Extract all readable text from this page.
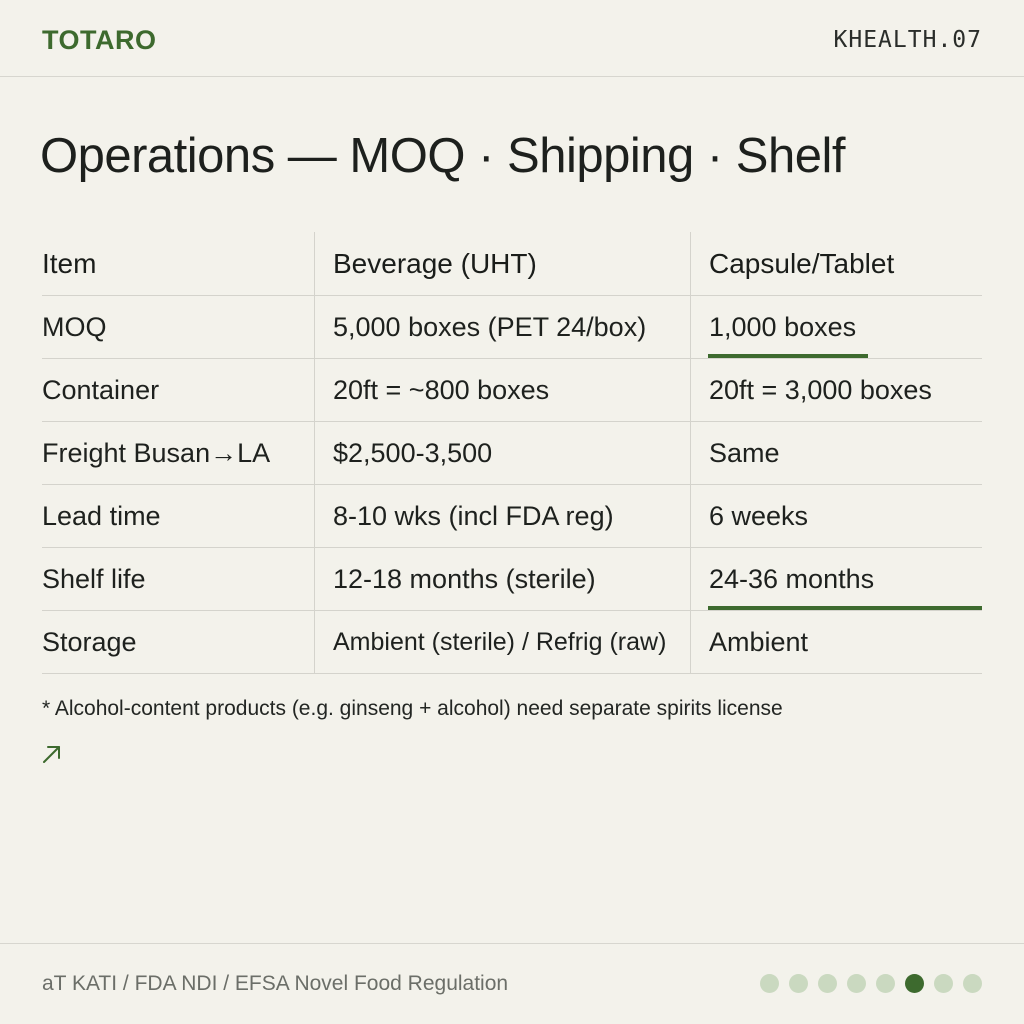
TOTARO	KHEALTH.07
Operations — MOQ · Shipping · Shelf
Item	Beverage (UHT)	Capsule/Tablet
MOQ	5,000 boxes (PET 24/box)	1,000 boxes
Container	20ft = ~800 boxes	20ft = 3,000 boxes
Freight Busan→LA	$2,500-3,500	Same
Lead time	8-10 wks (incl FDA reg)	6 weeks
Shelf life	12-18 months (sterile)	24-36 months
Storage	Ambient (sterile) / Refrig (raw)	Ambient
* Alcohol-content products (e.g. ginseng + alcohol) need separate spirits license
aT KATI / FDA NDI / EFSA Novel Food Regulation
